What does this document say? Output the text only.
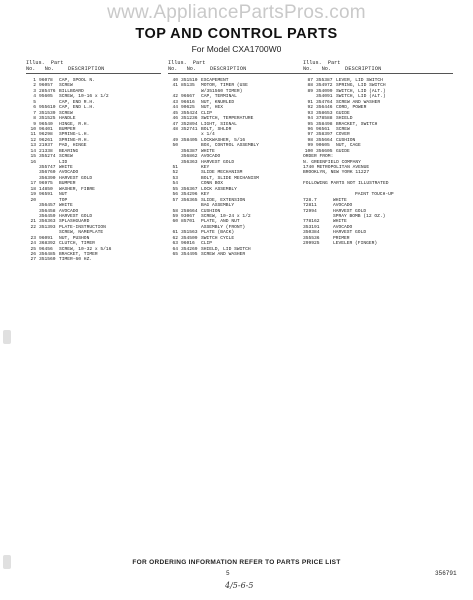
www.AppliancePartsPros.com
TOP AND CONTROL PARTS
For Model CXA1700W0
Illus. Part
No. No.	DESCRIPTION
1 96078 CAP, SPOOL N.
2 96057 SCREW
3 285476 BILLBOARD
4 95605 SCREW, 10-16 x 1/2
5	CAP, END R.H.
6 955610 CAP, END L.H.
7 351539 SCREW
8 351525 HANDLE
9 96540 HINGE, R.H.
10 96401 BUMPER
11 96298 SPRING-L.H.
12 96261 SPRING-R.H.
13 21937 PAD, HINGE
14 21338 BEARING
15 355274 SCREW
16	LID
355747 WHITE
356760 AVOCADO
356390 HARVEST GOLD
17 96975 BUMPER
18 14850 WASHER, FIBRE
19 96591 NUT
20	TOP
356457 WHITE
356458 AVOCADO
356459 HARVEST GOLD
21 356363 SPLASHGUARD
22 351393 PLATE-INSTRUCTION
SCREW, NAMEPLATE
23 96091 NUT, PUSHON
24 368392 CLUTCH, TIMER
25 96456 SCREW, 10-32 x 5/16
26 356485 BRACKET, TIMER
27 351560 TIMER-60 HZ.
Illus. Part
No. No.	DESCRIPTION
40 351510 ESCAPEMENT
41 85135 MOTOR, TIMER (USE
W/351560 TIMER)
42 96667 CAP, TERMINAL
43 96616 NUT, KNURLED
44 90625 NUT, HEX
45 355424 CLIP
46 351236 SWITCH, TEMPERATURE
47 352894 LIGHT, SIGNAL
48 352741 BOLT, SHLDR
x 1/4
49 358405 LOCKWASHER, 5/16
50	BOX, CONTROL ASSEMBLY
356387 WHITE
356862 AVOCADO
356363 HARVEST GOLD
51	KEY
52	SLIDE MECHANISM
53	BOLT, SLIDE MECHANISM
54	CONN BOX
55 356367 LOCK ASSEMBLY
56 354296 KEY
57 356365 SLIDE, EXTENSION
BAG ASSEMBLY
58 258664 CUSHION
59 93067 SCREW, 10-24 x 1/2
60 85701 PLATE, AND NUT
ASSEMBLY (FRONT)
61 351563 PLATE (BACK)
62 354509 SWITCH CYCLE
63 96016 CLIP
64 354269 SHIELD, LID SWITCH
65 354495 SCREW AND WASHER
Illus. Part
No. No.	DESCRIPTION
87 355387 LEVER, LID SWITCH
88 354972 SPRING, LID SWITCH
89 354099 SWITCH, LID (ALT.)
354091 SWITCH, LID (ALT.)
91 354764 SCREW AND WASHER
92 356446 CORD, POWER
93 358653 GUIDE
94 378588 SHIELD
95 358498 BRACKET, SWITCH
96 96561 SCREW
97 358397 COVER
98 355664 CUSHION
99 90605 NUT, CAGE
100 356605 GUIDE
ORDER FROM:
N. GREENFIELD COMPANY
1740 METROPOLITAN AVENUE
BROOKLYN, NEW YORK 11227
FOLLOWING PARTS NOT ILLUSTRATED
PAINT TOUCH-UP
728.7	WHITE
72811	AVOCADO
72994	HARVEST GOLD
SPRAY BOMB (12 OZ.)
778162	WHITE
353191	AVOCADO
350384	HARVEST GOLD
355536	PRIMER
299925	LEVELER (FINGER)
FOR ORDERING INFORMATION REFER TO PARTS PRICE LIST
5	356791
4/5-6-5
